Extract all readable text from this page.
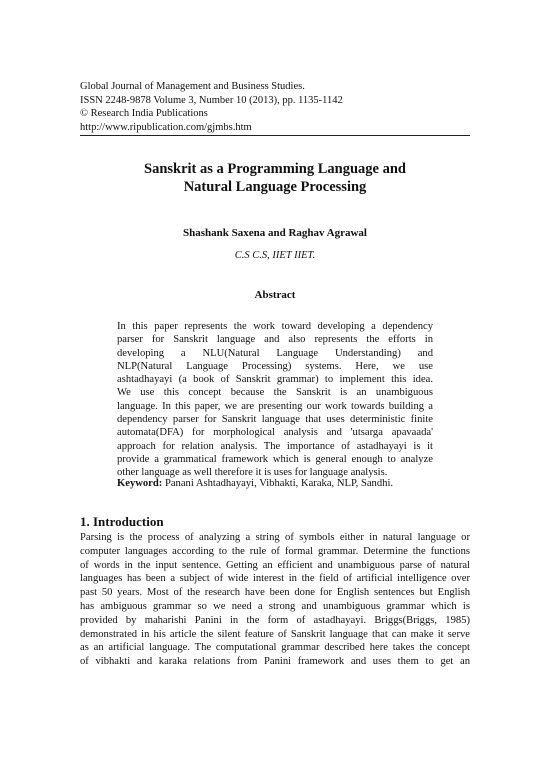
Global Journal of Management and Business Studies.
ISSN 2248-9878 Volume 3, Number 10 (2013), pp. 1135-1142
© Research India Publications
http://www.ripublication.com/gjmbs.htm
Sanskrit as a Programming Language and
Natural Language Processing
Shashank Saxena and Raghav Agrawal
C.S C.S, IIET IIET.
Abstract
In this paper represents the work toward developing a dependency
parser for Sanskrit language and also represents the efforts in
developing a NLU(Natural Language Understanding) and
NLP(Natural Language Processing) systems. Here, we use
ashtadhayayi (a book of Sanskrit grammar) to implement this idea.
We use this concept because the Sanskrit is an unambiguous
language. In this paper, we are presenting our work towards building a
dependency parser for Sanskrit language that uses deterministic finite
automata(DFA) for morphological analysis and 'utsarga apavaada'
approach for relation analysis. The importance of astadhayayi is it
provide a grammatical framework which is general enough to analyze
other language as well therefore it is uses for language analysis.
Keyword: Panani Ashtadhayayi, Vibhakti, Karaka, NLP, Sandhi.
1. Introduction
Parsing is the process of analyzing a string of symbols either in natural language or
computer languages according to the rule of formal grammar. Determine the functions
of words in the input sentence. Getting an efficient and unambiguous parse of natural
languages has been a subject of wide interest in the field of artificial intelligence over
past 50 years. Most of the research have been done for English sentences but English
has ambiguous grammar so we need a strong and unambiguous grammar which is
provided by maharishi Panini in the form of astadhayayi. Briggs(Briggs, 1985)
demonstrated in his article the silent feature of Sanskrit language that can make it serve
as an artificial language. The computational grammar described here takes the concept
of vibhakti and karaka relations from Panini framework and uses them to get an
